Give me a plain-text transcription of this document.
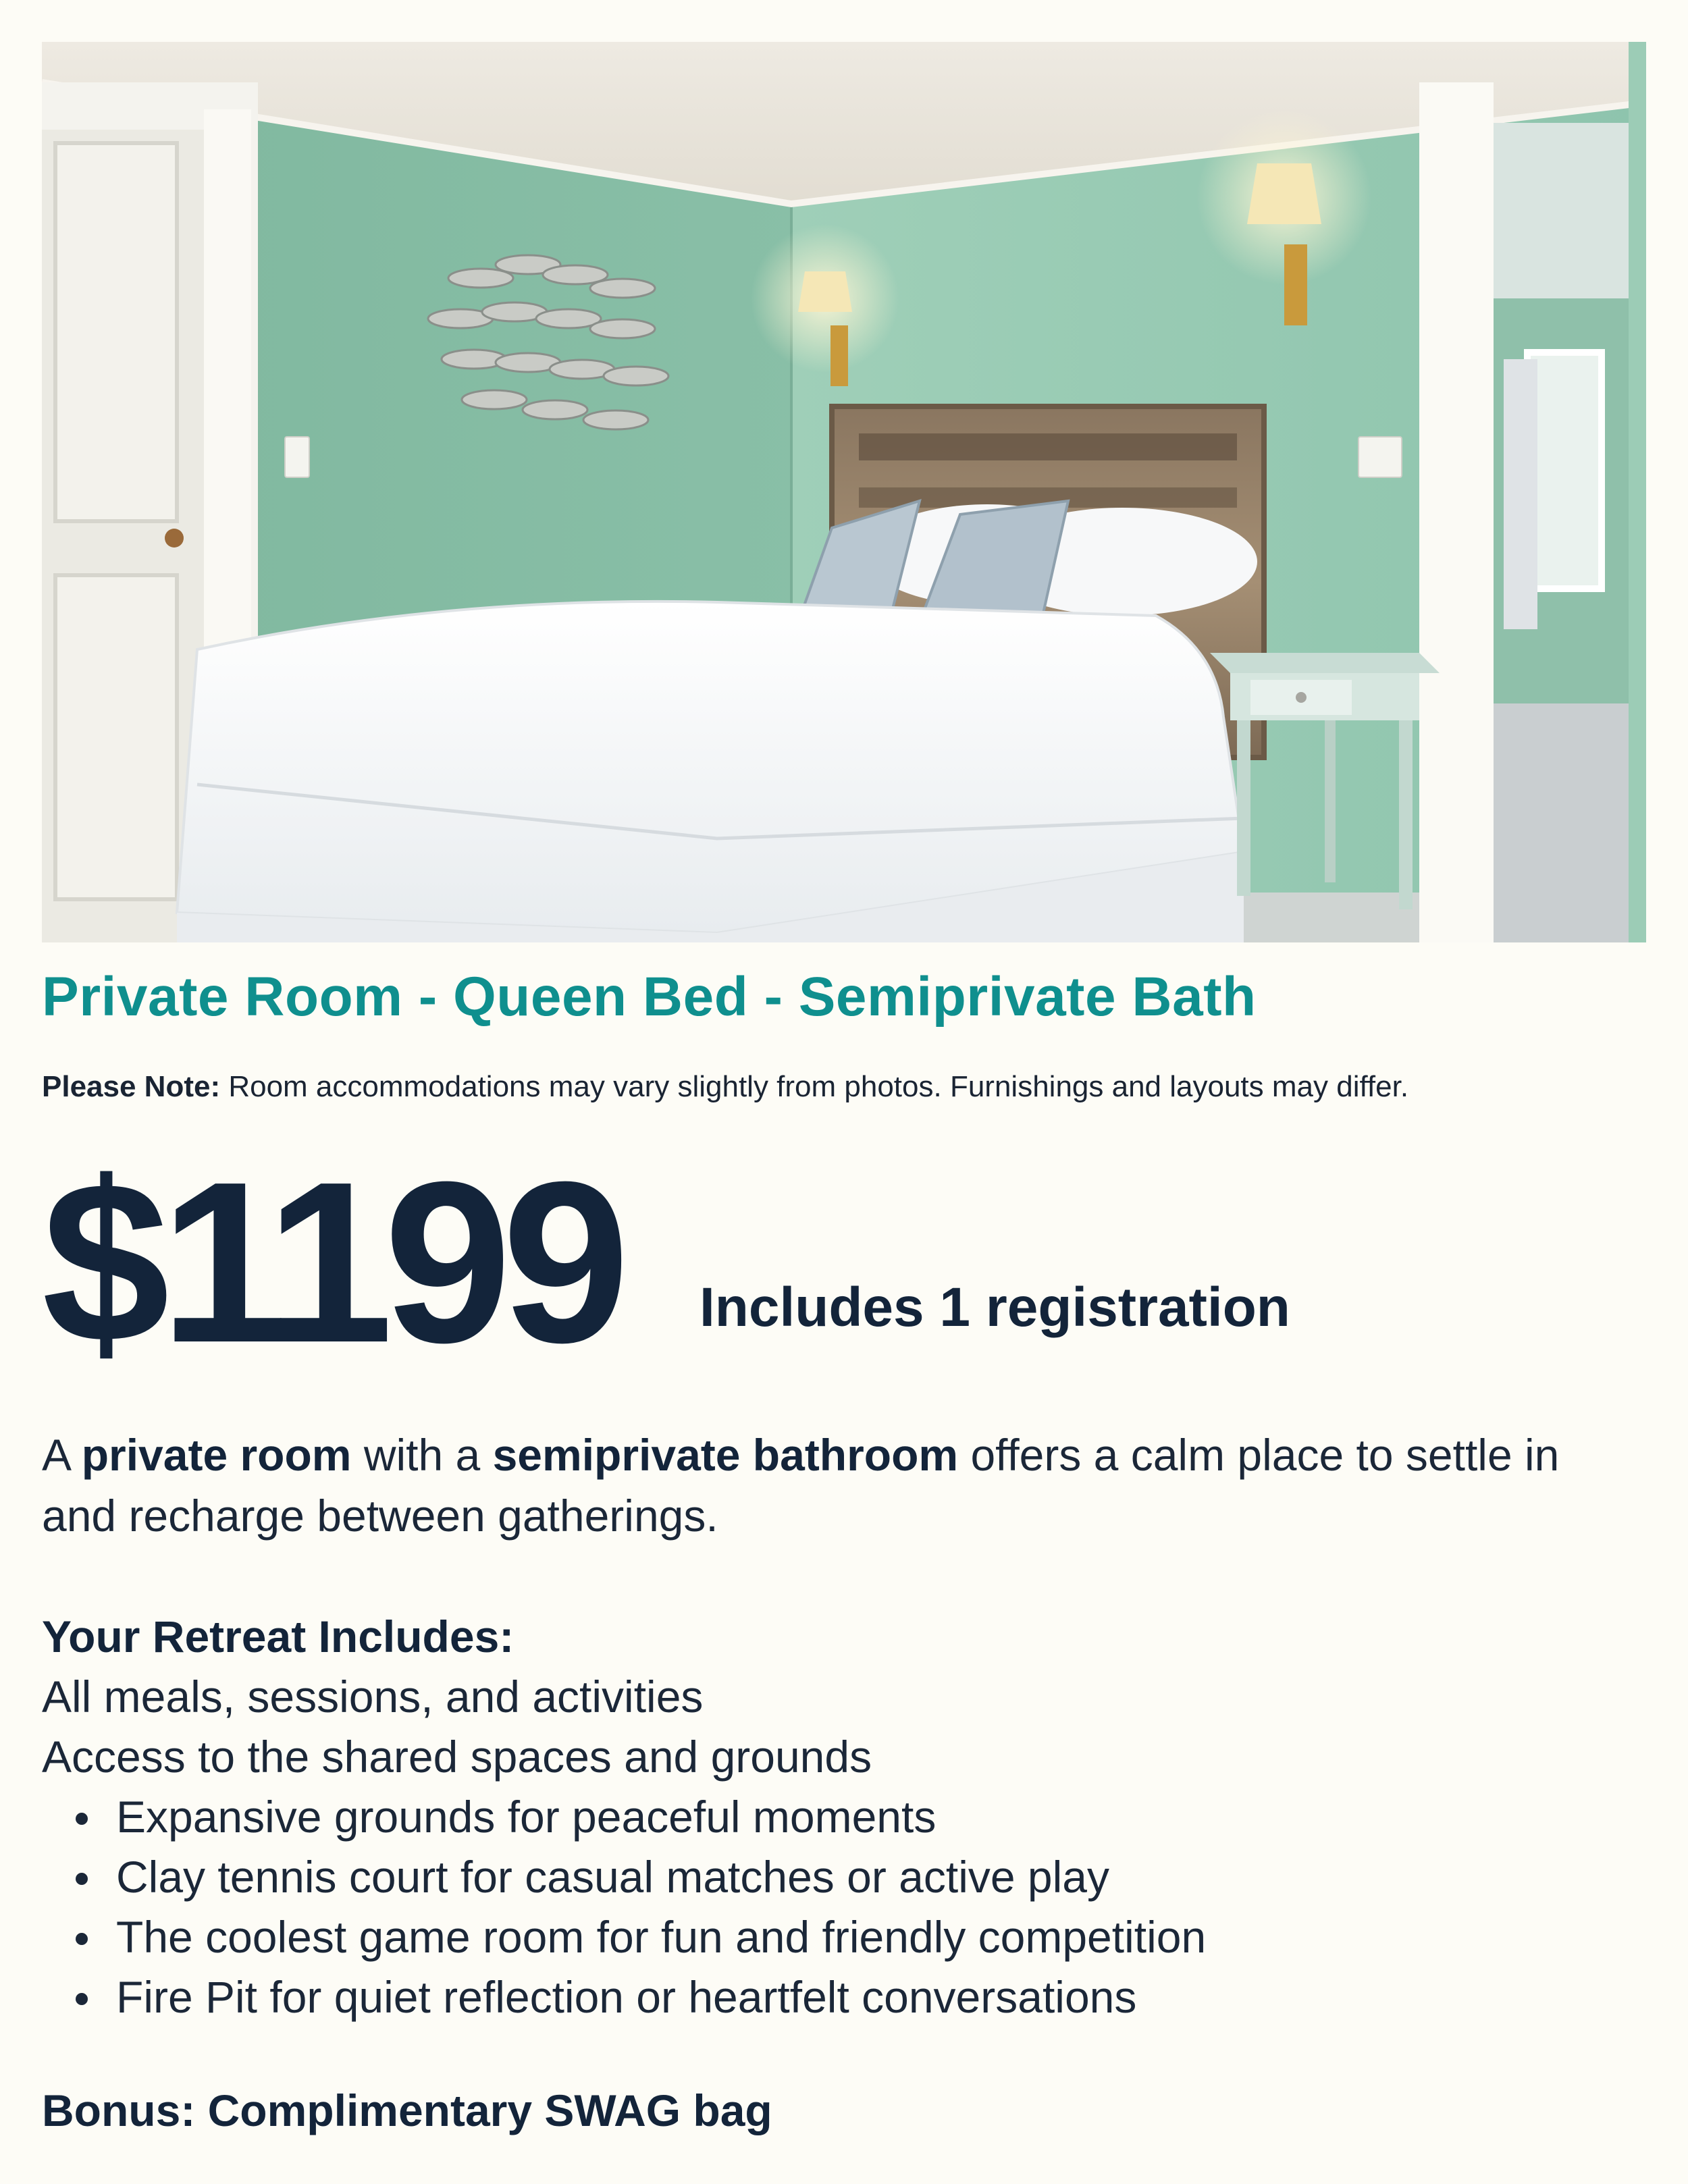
Private Room - Queen Bed - Semiprivate Bath
Please Note: Room accommodations may vary slightly from photos. Furnishings and layouts may differ.
$1199 Includes 1 registration
A private room with a semiprivate bathroom offers a calm place to settle in and recharge between gatherings.
Your Retreat Includes:
All meals, sessions, and activities
Access to the shared spaces and grounds
Expansive grounds for peaceful moments
Clay tennis court for casual matches or active play
The coolest game room for fun and friendly competition
Fire Pit for quiet reflection or heartfelt conversations
Bonus: Complimentary SWAG bag
